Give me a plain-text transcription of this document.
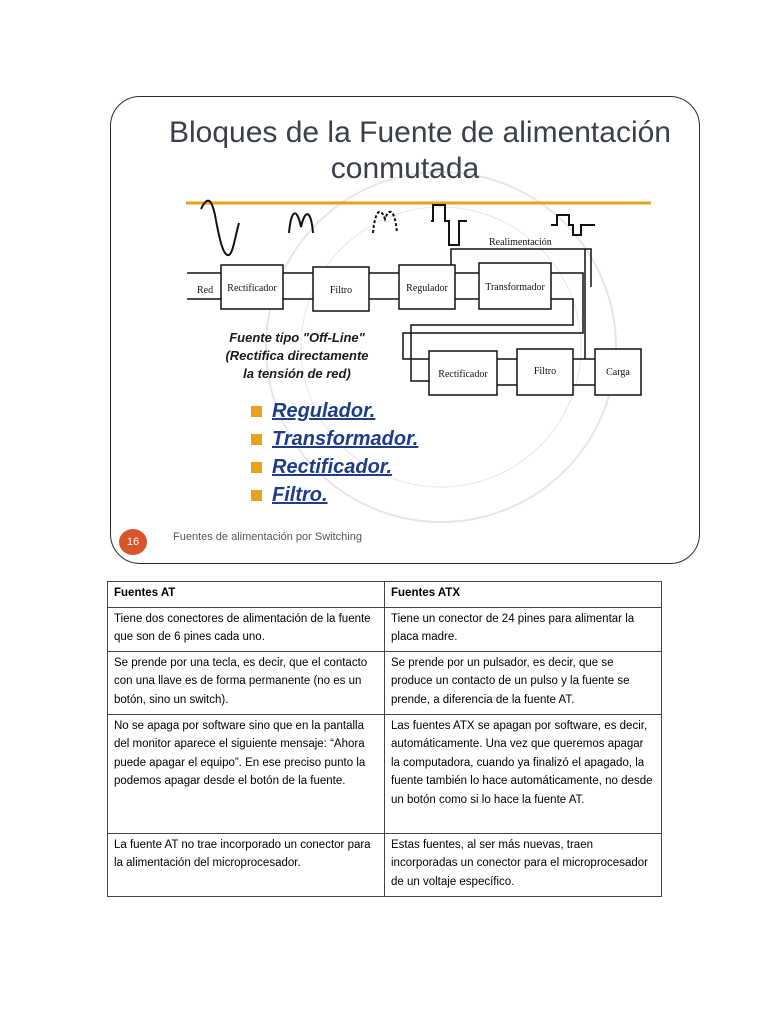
Bloques de la Fuente de alimentación
conmutada
Realimentación
Red Rectificador	Filtro	Regulador	Transformador
Rectificador	Filtro	Carga
Fuente tipo "Off-Line"
(Rectifica directamente
la tensión de red)
Regulador.
Transformador.
Rectificador.
Filtro.
16	Fuentes de alimentación por Switching
Fuentes AT	Fuentes ATX
Tiene dos conectores de alimentación de la fuente que son de 6 pines cada uno.	Tiene un conector de 24 pines para alimentar la placa madre.
Se prende por una tecla, es decir, que el contacto con una llave es de forma permanente (no es un botón, sino un switch).	Se prende por un pulsador, es decir, que se produce un contacto de un pulso y la fuente se prende, a diferencia de la fuente AT.
No se apaga por software sino que en la pantalla del monitor aparece el siguiente mensaje: “Ahora puede apagar el equipo”. En ese preciso punto la podemos apagar desde el botón de la fuente.	Las fuentes ATX se apagan por software, es decir, automáticamente. Una vez que queremos apagar la computadora, cuando ya finalizó el apagado, la fuente también lo hace automáticamente, no desde un botón como si lo hace la fuente AT.
La fuente AT no trae incorporado un conector para la alimentación del microprocesador.	Estas fuentes, al ser más nuevas, traen incorporadas un conector para el microprocesador de un voltaje específico.
